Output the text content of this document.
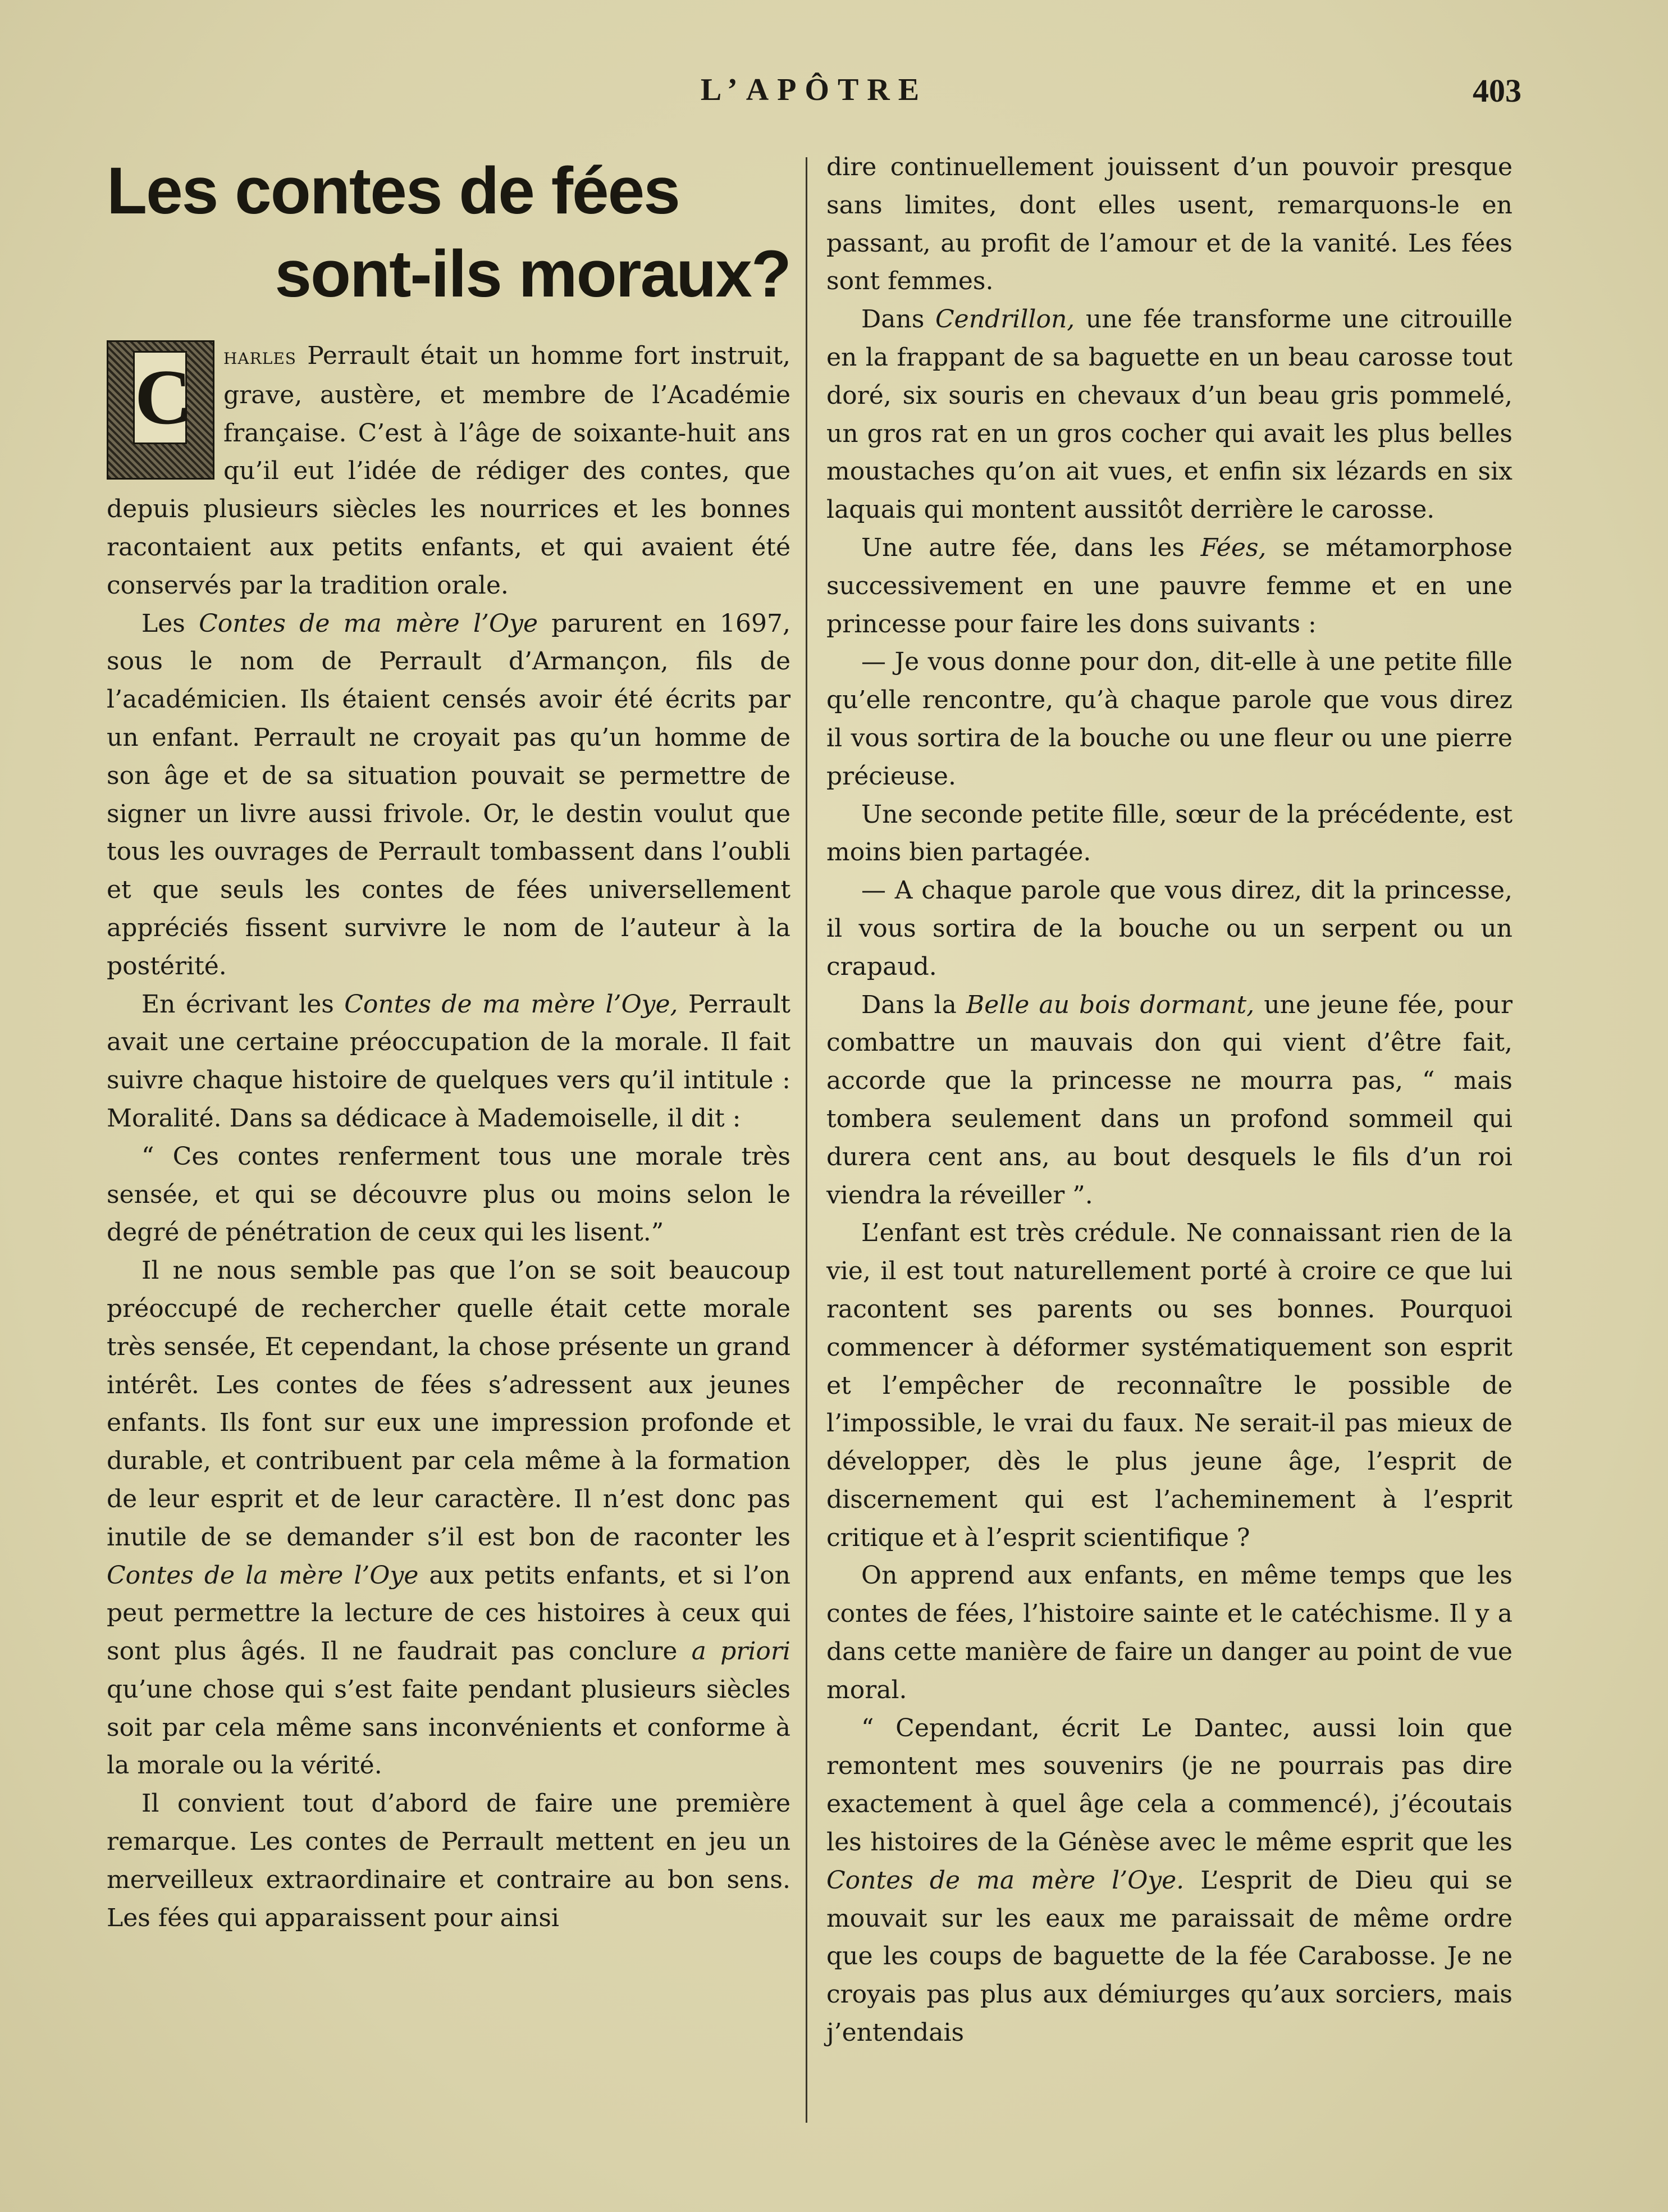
L’APÔTRE	403
Les contes de fées
sont-ils moraux?

C harles Perrault était un homme fort instruit, grave, austère, et membre de l’Académie française. C’est à l’âge de soixante-huit ans qu’il eut l’idée de rédiger des contes, que depuis plusieurs siècles les nourrices et les bonnes racontaient aux petits enfants, et qui avaient été conservés par la tradition orale.

Les Contes de ma mère l’Oye parurent en 1697, sous le nom de Perrault d’Armançon, fils de l’académicien. Ils étaient censés avoir été écrits par un enfant. Perrault ne croyait pas qu’un homme de son âge et de sa situation pouvait se permettre de signer un livre aussi frivole. Or, le destin voulut que tous les ouvrages de Perrault tombassent dans l’oubli et que seuls les contes de fées universellement appréciés fissent survivre le nom de l’auteur à la postérité.

En écrivant les Contes de ma mère l’Oye, Perrault avait une certaine préoccupation de la morale. Il fait suivre chaque histoire de quelques vers qu’il intitule : Moralité. Dans sa dédicace à Mademoiselle, il dit :

“ Ces contes renferment tous une morale très sensée, et qui se découvre plus ou moins selon le degré de pénétration de ceux qui les lisent.”

Il ne nous semble pas que l’on se soit beaucoup préoccupé de rechercher quelle était cette morale très sensée, Et cependant, la chose présente un grand intérêt. Les contes de fées s’adressent aux jeunes enfants. Ils font sur eux une impression profonde et durable, et contribuent par cela même à la formation de leur esprit et de leur caractère. Il n’est donc pas inutile de se demander s’il est bon de raconter les Contes de la mère l’Oye aux petits enfants, et si l’on peut permettre la lecture de ces histoires à ceux qui sont plus âgés. Il ne faudrait pas conclure a priori qu’une chose qui s’est faite pendant plusieurs siècles soit par cela même sans inconvénients et conforme à la morale ou la vérité.

Il convient tout d’abord de faire une première remarque. Les contes de Perrault mettent en jeu un merveilleux extraordinaire et contraire au bon sens. Les fées qui apparaissent pour ainsi

dire continuellement jouissent d’un pouvoir presque sans limites, dont elles usent, remarquons-le en passant, au profit de l’amour et de la vanité. Les fées sont femmes.

Dans Cendrillon, une fée transforme une citrouille en la frappant de sa baguette en un beau carosse tout doré, six souris en chevaux d’un beau gris pommelé, un gros rat en un gros cocher qui avait les plus belles moustaches qu’on ait vues, et enfin six lézards en six laquais qui montent aussitôt derrière le carosse.

Une autre fée, dans les Fées, se métamorphose successivement en une pauvre femme et en une princesse pour faire les dons suivants :

— Je vous donne pour don, dit-elle à une petite fille qu’elle rencontre, qu’à chaque parole que vous direz il vous sortira de la bouche ou une fleur ou une pierre précieuse.

Une seconde petite fille, sœur de la précédente, est moins bien partagée.

— A chaque parole que vous direz, dit la princesse, il vous sortira de la bouche ou un serpent ou un crapaud.

Dans la Belle au bois dormant, une jeune fée, pour combattre un mauvais don qui vient d’être fait, accorde que la princesse ne mourra pas, “ mais tombera seulement dans un profond sommeil qui durera cent ans, au bout desquels le fils d’un roi viendra la réveiller ”.

L’enfant est très crédule. Ne connaissant rien de la vie, il est tout naturellement porté à croire ce que lui racontent ses parents ou ses bonnes. Pourquoi commencer à déformer systématiquement son esprit et l’empêcher de reconnaître le possible de l’impossible, le vrai du faux. Ne serait-il pas mieux de développer, dès le plus jeune âge, l’esprit de discernement qui est l’acheminement à l’esprit critique et à l’esprit scientifique ?

On apprend aux enfants, en même temps que les contes de fées, l’histoire sainte et le catéchisme. Il y a dans cette manière de faire un danger au point de vue moral.

“ Cependant, écrit Le Dantec, aussi loin que remontent mes souvenirs (je ne pourrais pas dire exactement à quel âge cela a commencé), j’écoutais les histoires de la Génèse avec le même esprit que les Contes de ma mère l’Oye. L’esprit de Dieu qui se mouvait sur les eaux me paraissait de même ordre que les coups de baguette de la fée Carabosse. Je ne croyais pas plus aux démiurges qu’aux sorciers, mais j’entendais
